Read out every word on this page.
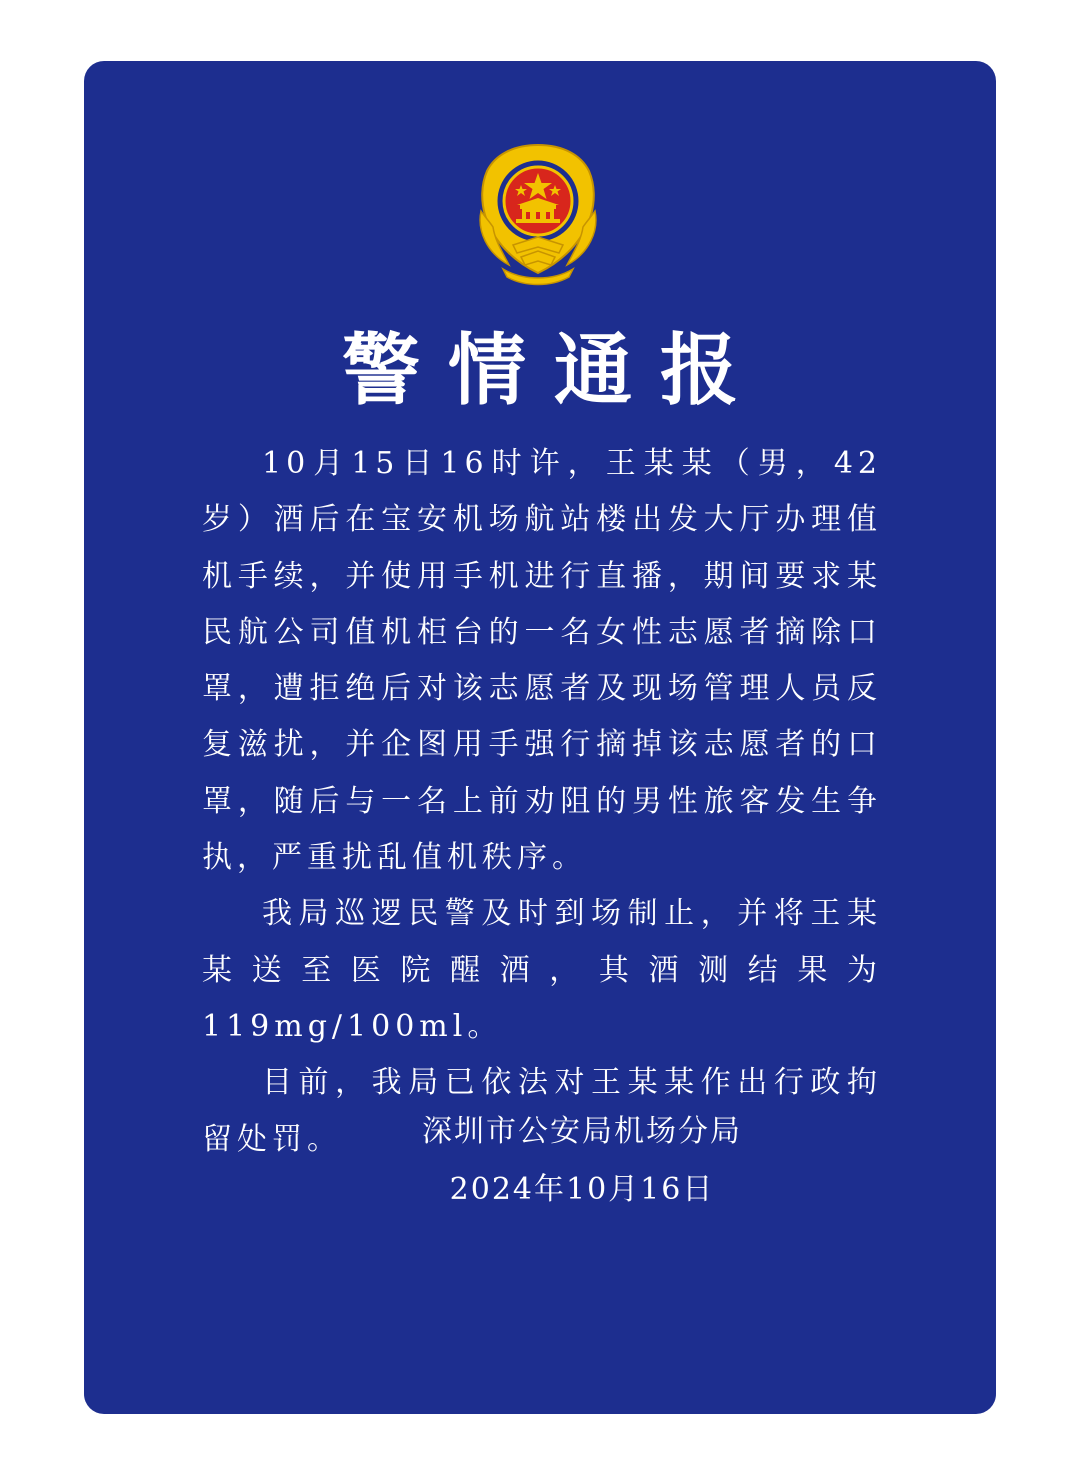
警情通报

10月15日16时许，王某某（男，42岁）酒后在宝安机场航站楼出发大厅办理值机手续，并使用手机进行直播，期间要求某民航公司值机柜台的一名女性志愿者摘除口罩，遭拒绝后对该志愿者及现场管理人员反复滋扰，并企图用手强行摘掉该志愿者的口罩，随后与一名上前劝阻的男性旅客发生争执，严重扰乱值机秩序。

我局巡逻民警及时到场制止，并将王某某送至医院醒酒，其酒测结果为119mg/100ml。

目前，我局已依法对王某某作出行政拘留处罚。	深圳市公安局机场分局
2024年10月16日
